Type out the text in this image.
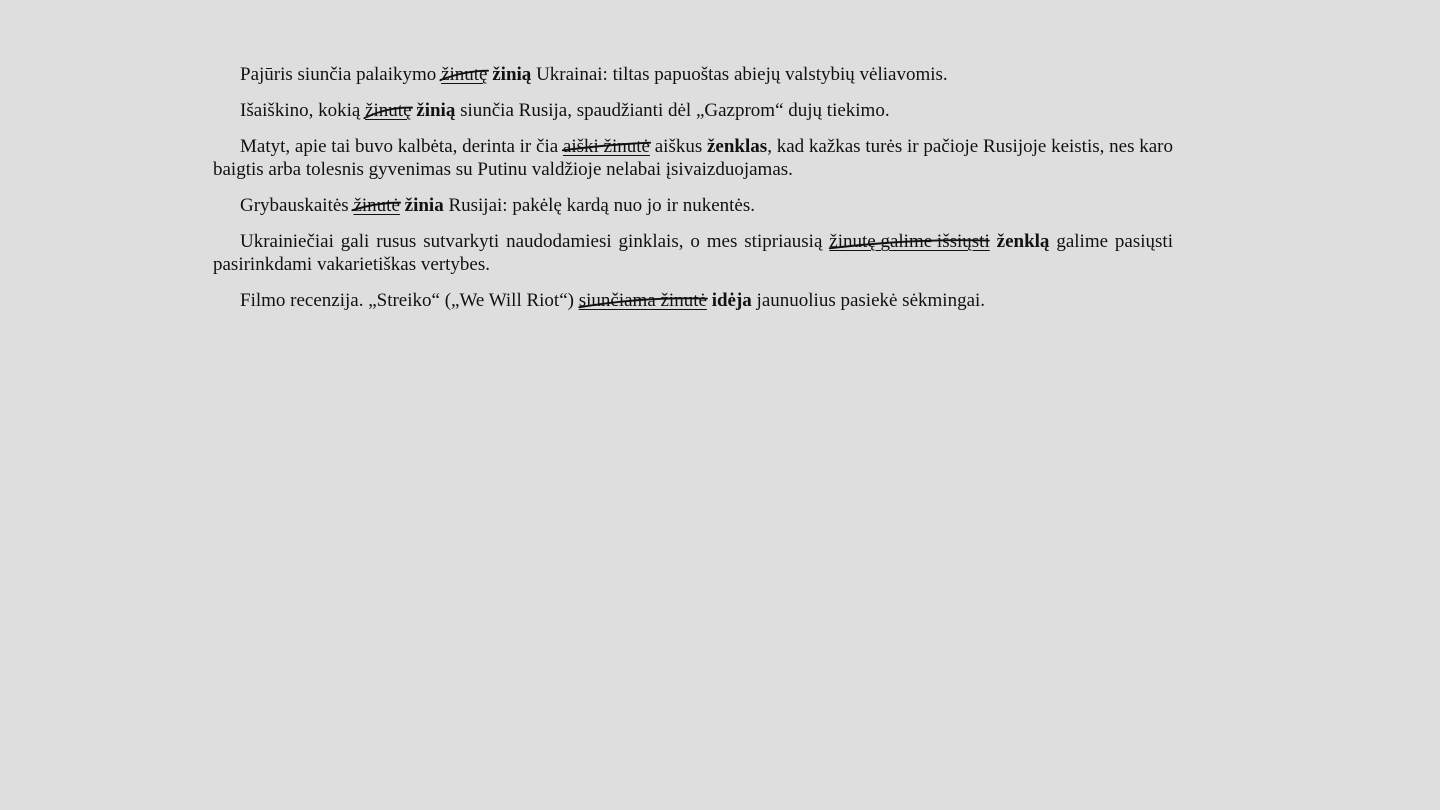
Pajūris siunčia palaikymo žinutę žinią Ukrainai: tiltas papuoštas abiejų valstybių vėliavomis.

Išaiškino, kokią žinutę žinią siunčia Rusija, spaudžianti dėl „Gazprom“ dujų tiekimo.

Matyt, apie tai buvo kalbėta, derinta ir čia aiški žinutė
aiškus ženklas, kad kažkas turės ir pačioje Rusijoje keistis, nes karo baigtis arba tolesnis gyvenimas su Putinu valdžioje nelabai įsivaizduojamas.

Grybauskaitės žinutė žinia Rusijai: pakėlę kardą nuo jo ir nukentės.

Ukrainiečiai gali rusus sutvarkyti naudodamiesi ginklais, o mes stipriausią žinutę galime išsiųsti ženklą galime pasiųsti pasirinkdami vakarietiškas vertybes.

Filmo recenzija. „Streiko“ („We Will Riot“) siunčiama žinutė idėja jaunuolius pasiekė sėkmingai.
